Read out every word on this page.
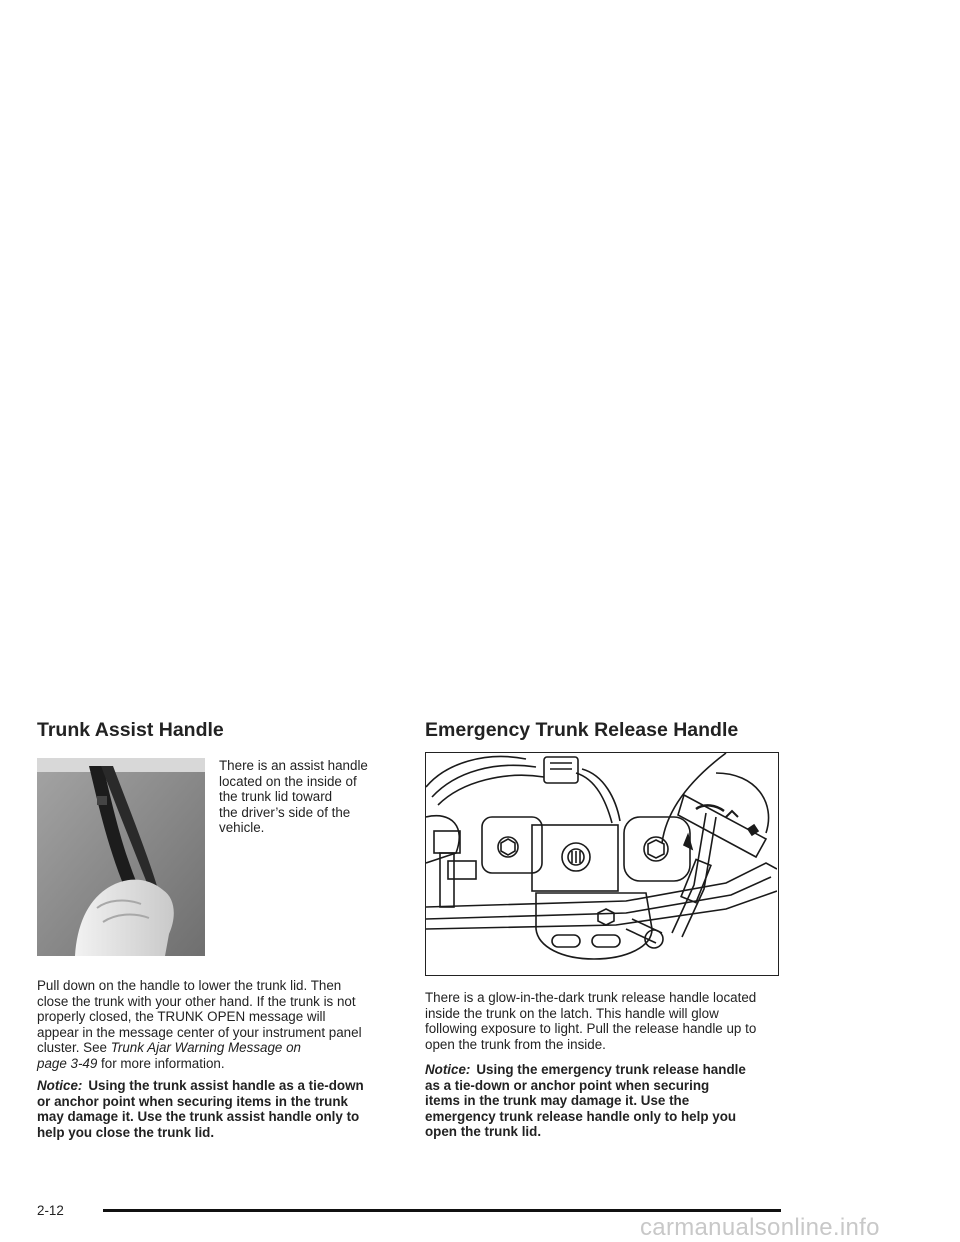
Trunk Assist Handle
There is an assist handle
located on the inside of
the trunk lid toward
the driver’s side of the
vehicle.
Pull down on the handle to lower the trunk lid. Then
close the trunk with your other hand. If the trunk is not
properly closed, the TRUNK OPEN message will
appear in the message center of your instrument panel
cluster. See Trunk Ajar Warning Message on
page 3-49 for more information.
Notice: Using the trunk assist handle as a tie-down
or anchor point when securing items in the trunk
may damage it. Use the trunk assist handle only to
help you close the trunk lid.
Emergency Trunk Release Handle
There is a glow-in-the-dark trunk release handle located
inside the trunk on the latch. This handle will glow
following exposure to light. Pull the release handle up to
open the trunk from the inside.
Notice: Using the emergency trunk release handle
as a tie-down or anchor point when securing
items in the trunk may damage it. Use the
emergency trunk release handle only to help you
open the trunk lid.
2-12
carmanualsonline.info
